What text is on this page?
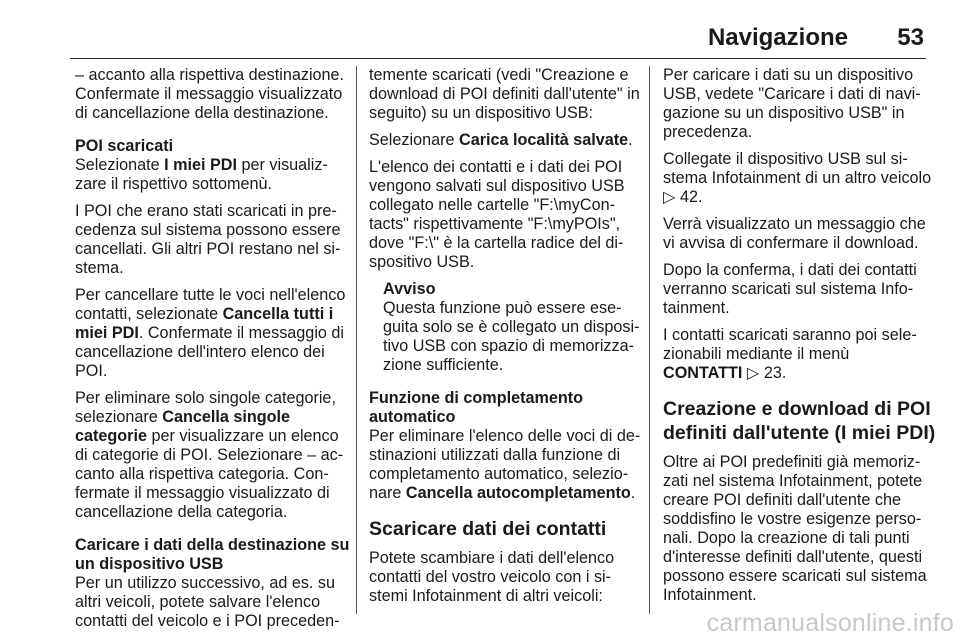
Navigazione 53

– accanto alla rispettiva destinazione.
Confermate il messaggio visualizzato
di cancellazione della destinazione.

POI scaricati

Selezionate I miei PDI per visualiz-
zare il rispettivo sottomenù.

I POI che erano stati scaricati in pre-
cedenza sul sistema possono essere
cancellati. Gli altri POI restano nel si-
stema.

Per cancellare tutte le voci nell'elenco
contatti, selezionate Cancella tutti i
miei PDI. Confermate il messaggio di
cancellazione dell'intero elenco dei
POI.

Per eliminare solo singole categorie,
selezionare Cancella singole
categorie per visualizzare un elenco
di categorie di POI. Selezionare – ac-
canto alla rispettiva categoria. Con-
fermate il messaggio visualizzato di
cancellazione della categoria.

Caricare i dati della destinazione su
un dispositivo USB

Per un utilizzo successivo, ad es. su
altri veicoli, potete salvare l'elenco
contatti del veicolo e i POI preceden-

temente scaricati (vedi "Creazione e
download di POI definiti dall'utente" in
seguito) su un dispositivo USB:

Selezionare Carica località salvate.

L'elenco dei contatti e i dati dei POI
vengono salvati sul dispositivo USB
collegato nelle cartelle "F:\myCon-
tacts" rispettivamente "F:\myPOIs",
dove "F:\" è la cartella radice del di-
spositivo USB.

Avviso
Questa funzione può essere ese-
guita solo se è collegato un disposi-
tivo USB con spazio di memorizza-
zione sufficiente.
Funzione di completamento
automatico

Per eliminare l'elenco delle voci di de-
stinazioni utilizzati dalla funzione di
completamento automatico, selezio-
nare Cancella autocompletamento.

Scaricare dati dei contatti

Potete scambiare i dati dell'elenco
contatti del vostro veicolo con i si-
stemi Infotainment di altri veicoli:

Per caricare i dati su un dispositivo
USB, vedete "Caricare i dati di navi-
gazione su un dispositivo USB" in
precedenza.

Collegate il dispositivo USB sul si-
stema Infotainment di un altro veicolo
▷ 42.

Verrà visualizzato un messaggio che
vi avvisa di confermare il download.

Dopo la conferma, i dati dei contatti
verranno scaricati sul sistema Info-
tainment.

I contatti scaricati saranno poi sele-
zionabili mediante il menù
CONTATTI ▷ 23.

Creazione e download di POI
definiti dall'utente (I miei PDI)

Oltre ai POI predefiniti già memoriz-
zati nel sistema Infotainment, potete
creare POI definiti dall'utente che
soddisfino le vostre esigenze perso-
nali. Dopo la creazione di tali punti
d'interesse definiti dall'utente, questi
possono essere scaricati sul sistema
Infotainment.

carmanualsonline.info
